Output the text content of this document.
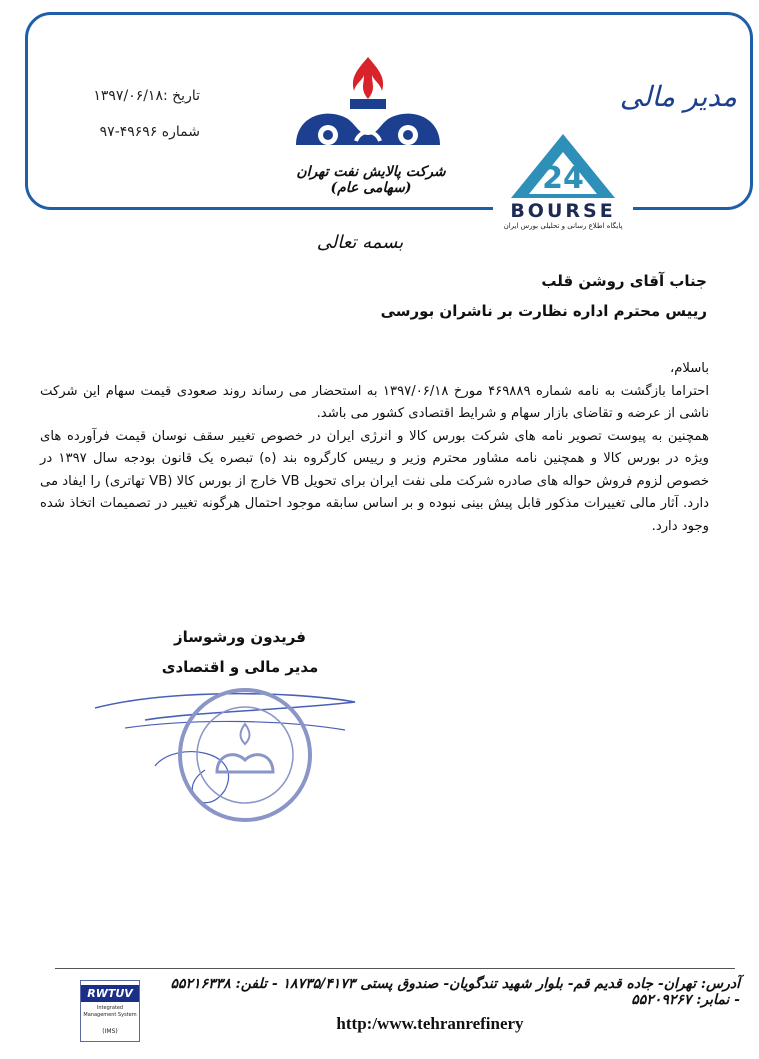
مدیر مالی
تاریخ :۱۳۹۷/۰۶/۱۸
شماره ۴۹۶۹۶-۹۷
شرکت پالایش نفت تهران (سهامی عام)	24
BOURSE
پایگاه اطلاع رسانی و تحلیلی بورس ایران
بسمه تعالی
جناب آقای روشن قلب
رییس محترم اداره نظارت بر ناشران بورسی

باسلام،

احتراما بازگشت به نامه شماره ۴۶۹۸۸۹ مورخ ۱۳۹۷/۰۶/۱۸ به استحضار می رساند روند صعودی قیمت سهام این شرکت ناشی از عرضه و تقاضای بازار سهام و شرایط اقتصادی کشور می باشد.

همچنین به پیوست تصویر نامه های شرکت بورس کالا و انرژی ایران در خصوص تغییر سقف نوسان قیمت فرآورده های ویژه در بورس کالا و همچنین نامه مشاور محترم وزیر و رییس کارگروه بند (ه) تبصره یک قانون بودجه سال ۱۳۹۷ در خصوص لزوم فروش حواله های صادره شرکت ملی نفت ایران برای تحویل VB خارج از بورس کالا (VB تهاتری) را ایفاد می دارد. آثار مالی تغییرات مذکور قابل پیش بینی نبوده و بر اساس سابقه موجود احتمال هرگونه تغییر در تصمیمات اتخاذ شده وجود دارد.

فریدون ورشوساز
مدیر مالی و اقتصادی
آدرس: تهران- جاده قدیم قم- بلوار شهید تندگویان- صندوق پستی ۱۸۷۳۵/۴۱۷۳ - تلفن: ۵۵۲۱۶۳۳۸ - نمابر: ۵۵۲۰۹۲۶۷
http:/www.tehranrefinery
RWTUV
Integrated Management System
(IMS)
